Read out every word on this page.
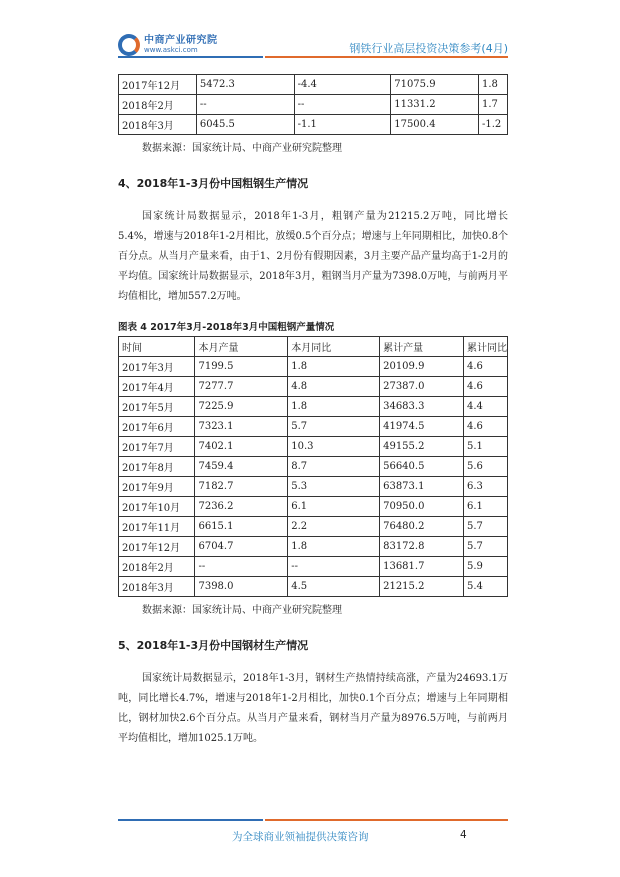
中商产业研究院
www.askci.com	钢铁行业高层投资决策参考(4月)
2017年12月	5472.3	-4.4	71075.9	1.8
2018年2月	--	--	11331.2	1.7
2018年3月	6045.5	-1.1	17500.4	-1.2
数据来源：国家统计局、中商产业研究院整理
4、2018年1-3月份中国粗钢生产情况

国家统计局数据显示，2018年1-3月，粗钢产量为21215.2万吨，同比增长5.4%，增速与2018年1-2月相比，放缓0.5个百分点；增速与上年同期相比，加快0.8个百分点。从当月产量来看，由于1、2月份有假期因素，3月主要产品产量均高于1-2月的平均值。国家统计局数据显示，2018年3月，粗钢当月产量为7398.0万吨，与前两月平均值相比，增加557.2万吨。

图表 4 2017年3月-2018年3月中国粗钢产量情况
时间	本月产量	本月同比	累计产量	累计同比
2017年3月	7199.5	1.8	20109.9	4.6
2017年4月	7277.7	4.8	27387.0	4.6
2017年5月	7225.9	1.8	34683.3	4.4
2017年6月	7323.1	5.7	41974.5	4.6
2017年7月	7402.1	10.3	49155.2	5.1
2017年8月	7459.4	8.7	56640.5	5.6
2017年9月	7182.7	5.3	63873.1	6.3
2017年10月	7236.2	6.1	70950.0	6.1
2017年11月	6615.1	2.2	76480.2	5.7
2017年12月	6704.7	1.8	83172.8	5.7
2018年2月	--	--	13681.7	5.9
2018年3月	7398.0	4.5	21215.2	5.4
数据来源：国家统计局、中商产业研究院整理
5、2018年1-3月份中国钢材生产情况

国家统计局数据显示，2018年1-3月，钢材生产热情持续高涨，产量为24693.1万吨，同比增长4.7%，增速与2018年1-2月相比，加快0.1个百分点；增速与上年同期相比，钢材加快2.6个百分点。从当月产量来看，钢材当月产量为8976.5万吨，与前两月平均值相比，增加1025.1万吨。

为全球商业领袖提供决策咨询	4
